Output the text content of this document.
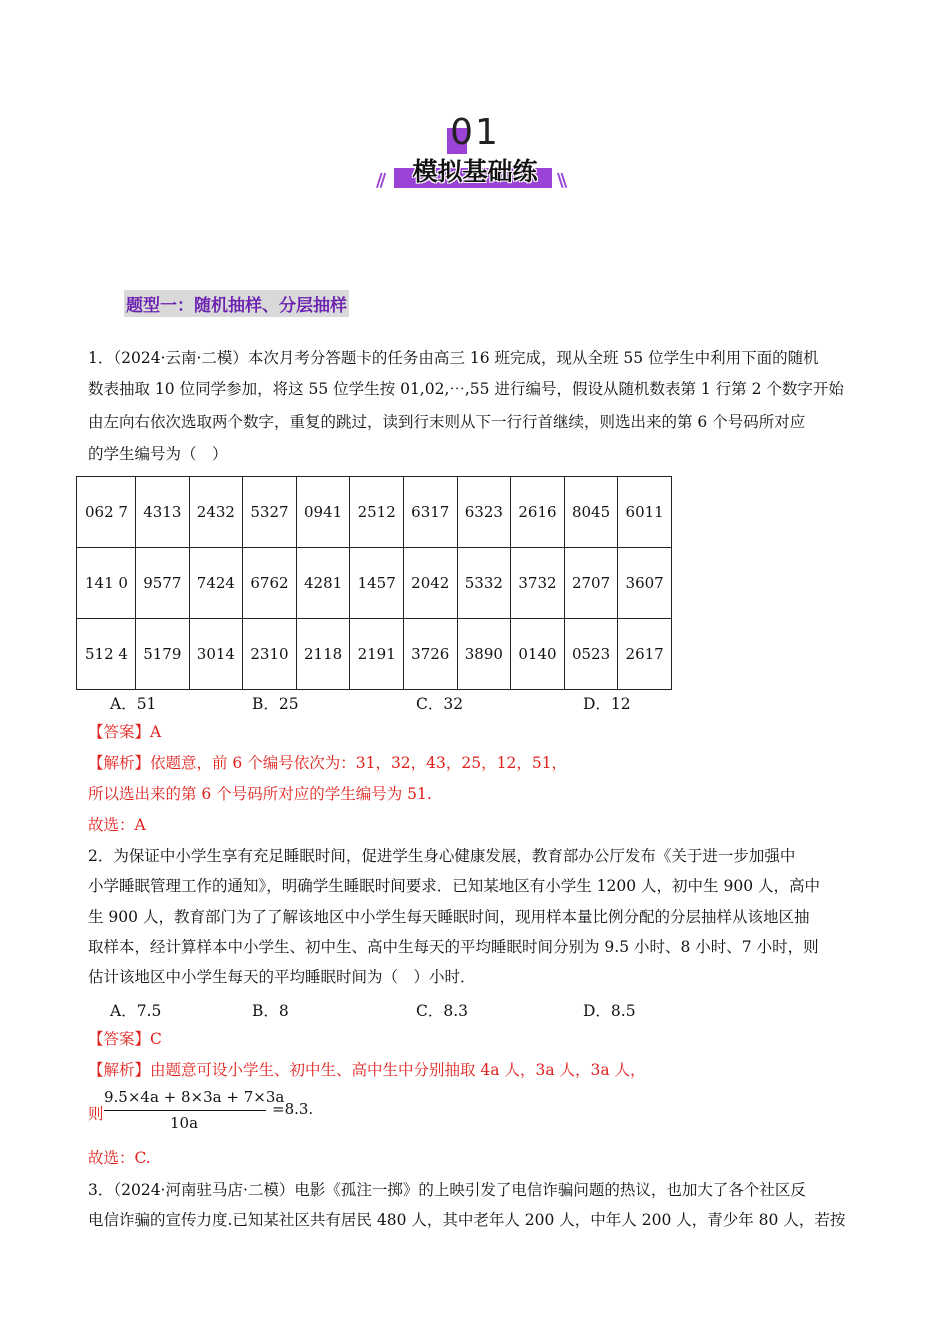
01
模拟基础练
//	\\
题型一：随机抽样、分层抽样

1．（2024·云南·二模）本次月考分答题卡的任务由高三 16 班完成，现从全班 55 位学生中利用下面的随机

数表抽取 10 位同学参加，将这 55 位学生按 01,02,⋯,55 进行编号，假设从随机数表第 1 行第 2 个数字开始

由左向右依次选取两个数字，重复的跳过，读到行末则从下一行行首继续，则选出来的第 6 个号码所对应

的学生编号为（　）

062 7	4313	2432	5327	0941	2512	6317	6323	2616	8045	6011
141 0	9577	7424	6762	4281	1457	2042	5332	3732	2707	3607
512 4	5179	3014	2310	2118	2191	3726	3890	0140	0523	2617
A．51	B．25	C．32	D．12

【答案】A

【解析】依题意，前 6 个编号依次为：31，32，43，25，12，51，

所以选出来的第 6 个号码所对应的学生编号为 51.

故选：A

2．为保证中小学生享有充足睡眠时间，促进学生身心健康发展，教育部办公厅发布《关于进一步加强中

小学睡眠管理工作的通知》，明确学生睡眠时间要求．已知某地区有小学生 1200 人，初中生 900 人，高中

生 900 人，教育部门为了了解该地区中小学生每天睡眠时间，现用样本量比例分配的分层抽样从该地区抽

取样本，经计算样本中小学生、初中生、高中生每天的平均睡眠时间分别为 9.5 小时、8 小时、7 小时，则

估计该地区中小学生每天的平均睡眠时间为（　）小时．

A．7.5	B．8	C．8.3	D．8.5

【答案】C

【解析】由题意可设小学生、初中生、高中生中分别抽取 4a 人，3a 人，3a 人，

则
9.5×4a + 8×3a + 7×3a
10a
=8.3.

故选：C.

3．（2024·河南驻马店·二模）电影《孤注一掷》的上映引发了电信诈骗问题的热议，也加大了各个社区反

电信诈骗的宣传力度.已知某社区共有居民 480 人，其中老年人 200 人，中年人 200 人，青少年 80 人，若按
